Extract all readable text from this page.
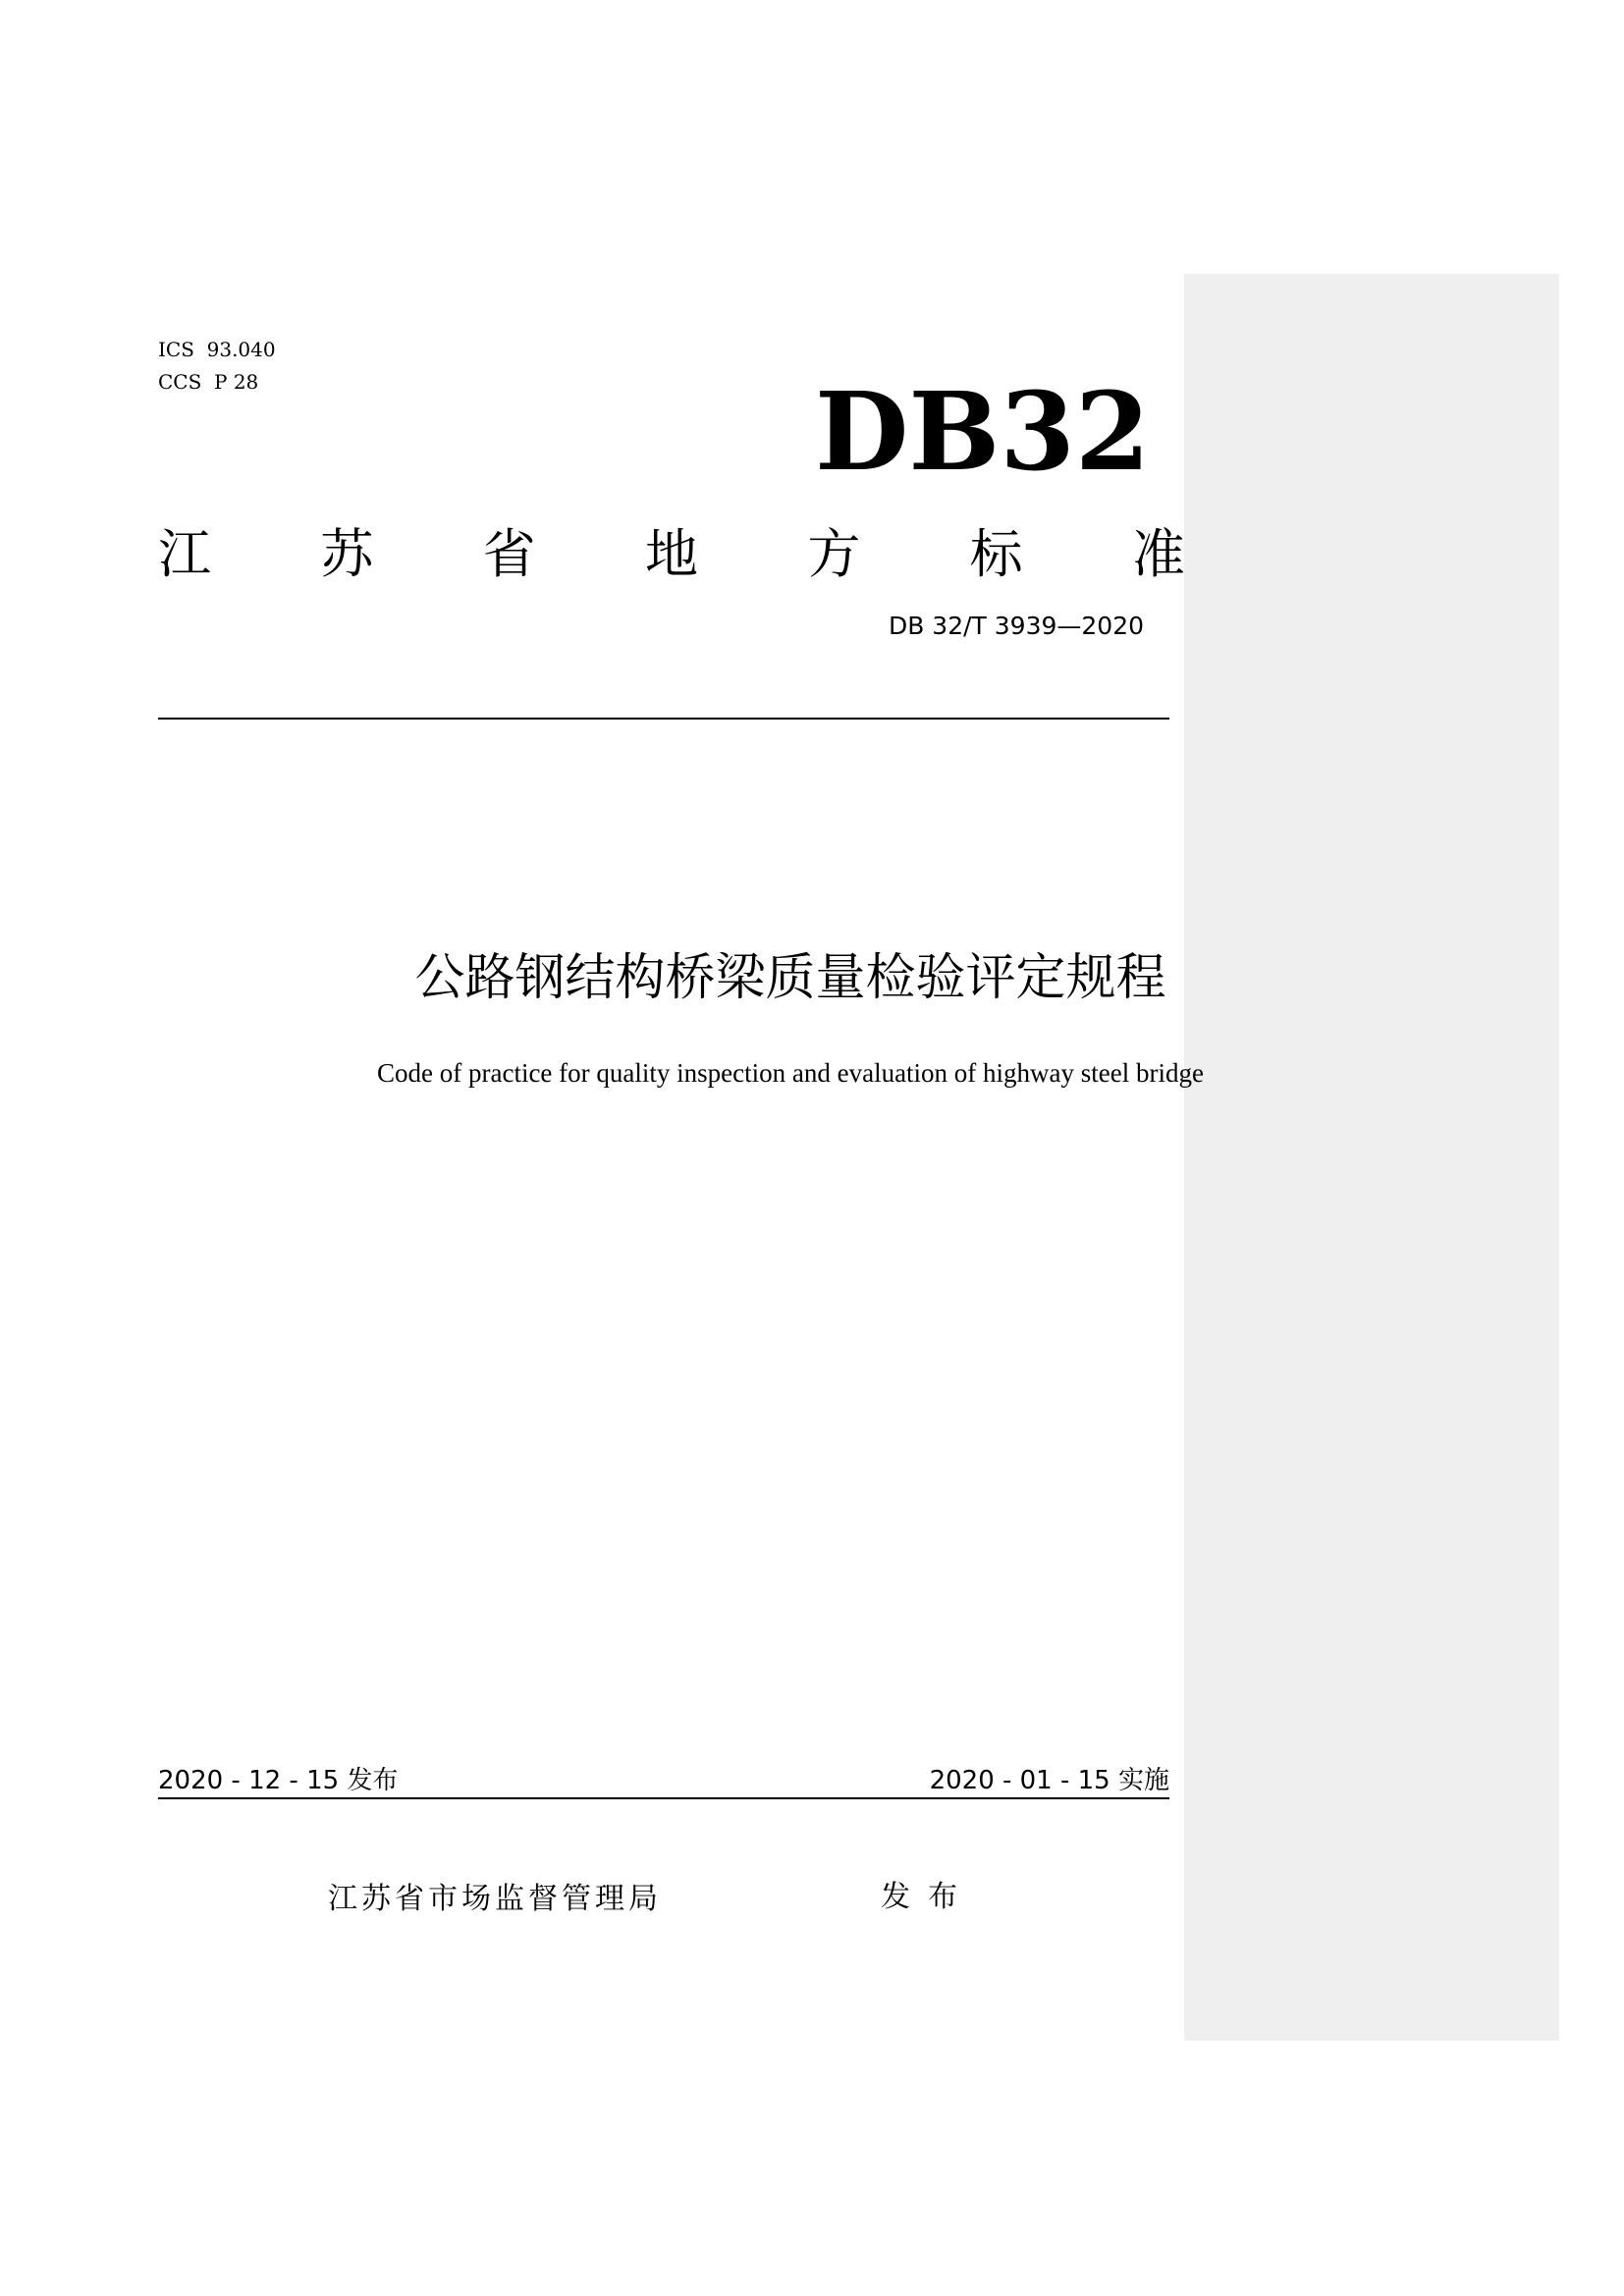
ICS  93.040
CCS  P 28	DB32
江 苏 省 地 方 标 准
DB 32/T 3939—2020
公路钢结构桥梁质量检验评定规程
Code of practice for quality inspection and evaluation of highway steel bridge
2020 - 12 - 15 发布	2020 - 01 - 15 实施
江苏省市场监督管理局	发布
